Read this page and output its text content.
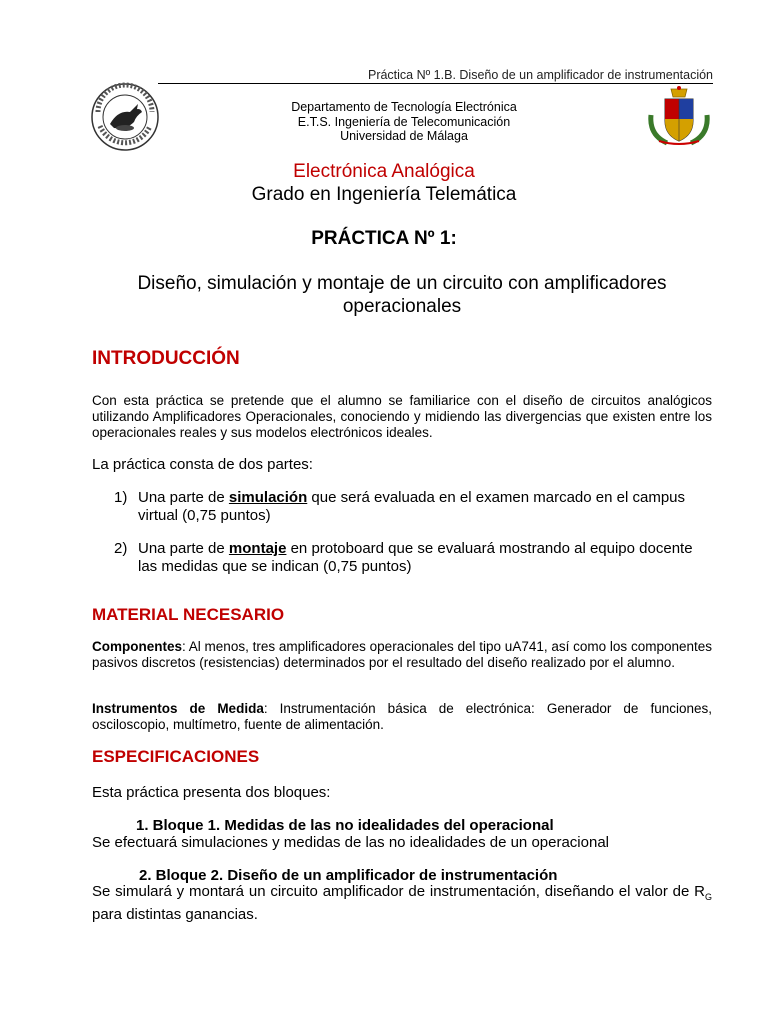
Práctica Nº 1.B. Diseño de un amplificador de instrumentación
Departamento de Tecnología Electrónica
E.T.S. Ingeniería de Telecomunicación
Universidad de Málaga
Electrónica Analógica
Grado en Ingeniería Telemática
PRÁCTICA Nº 1:
Diseño, simulación y montaje de un circuito con amplificadores operacionales
INTRODUCCIÓN
Con esta práctica se pretende que el alumno se familiarice con el diseño de circuitos analógicos utilizando Amplificadores Operacionales, conociendo y midiendo las divergencias que existen entre los operacionales reales y sus modelos electrónicos ideales.
La práctica consta de dos partes:
1) Una parte de simulación que será evaluada en el examen marcado en el campus virtual (0,75 puntos)
2) Una parte de montaje en protoboard que se evaluará mostrando al equipo docente las medidas que se indican (0,75 puntos)
MATERIAL NECESARIO
Componentes: Al menos, tres amplificadores operacionales del tipo uA741, así como los componentes pasivos discretos (resistencias) determinados por el resultado del diseño realizado por el alumno.
Instrumentos de Medida: Instrumentación básica de electrónica: Generador de funciones, osciloscopio, multímetro, fuente de alimentación.
ESPECIFICACIONES
Esta práctica presenta dos bloques:
1. Bloque 1. Medidas de las no idealidades del operacional
Se efectuará simulaciones y medidas de las no idealidades de un operacional
2. Bloque 2. Diseño de un amplificador de instrumentación
Se simulará y montará un circuito amplificador de instrumentación, diseñando el valor de $R_G$ para distintas ganancias.
